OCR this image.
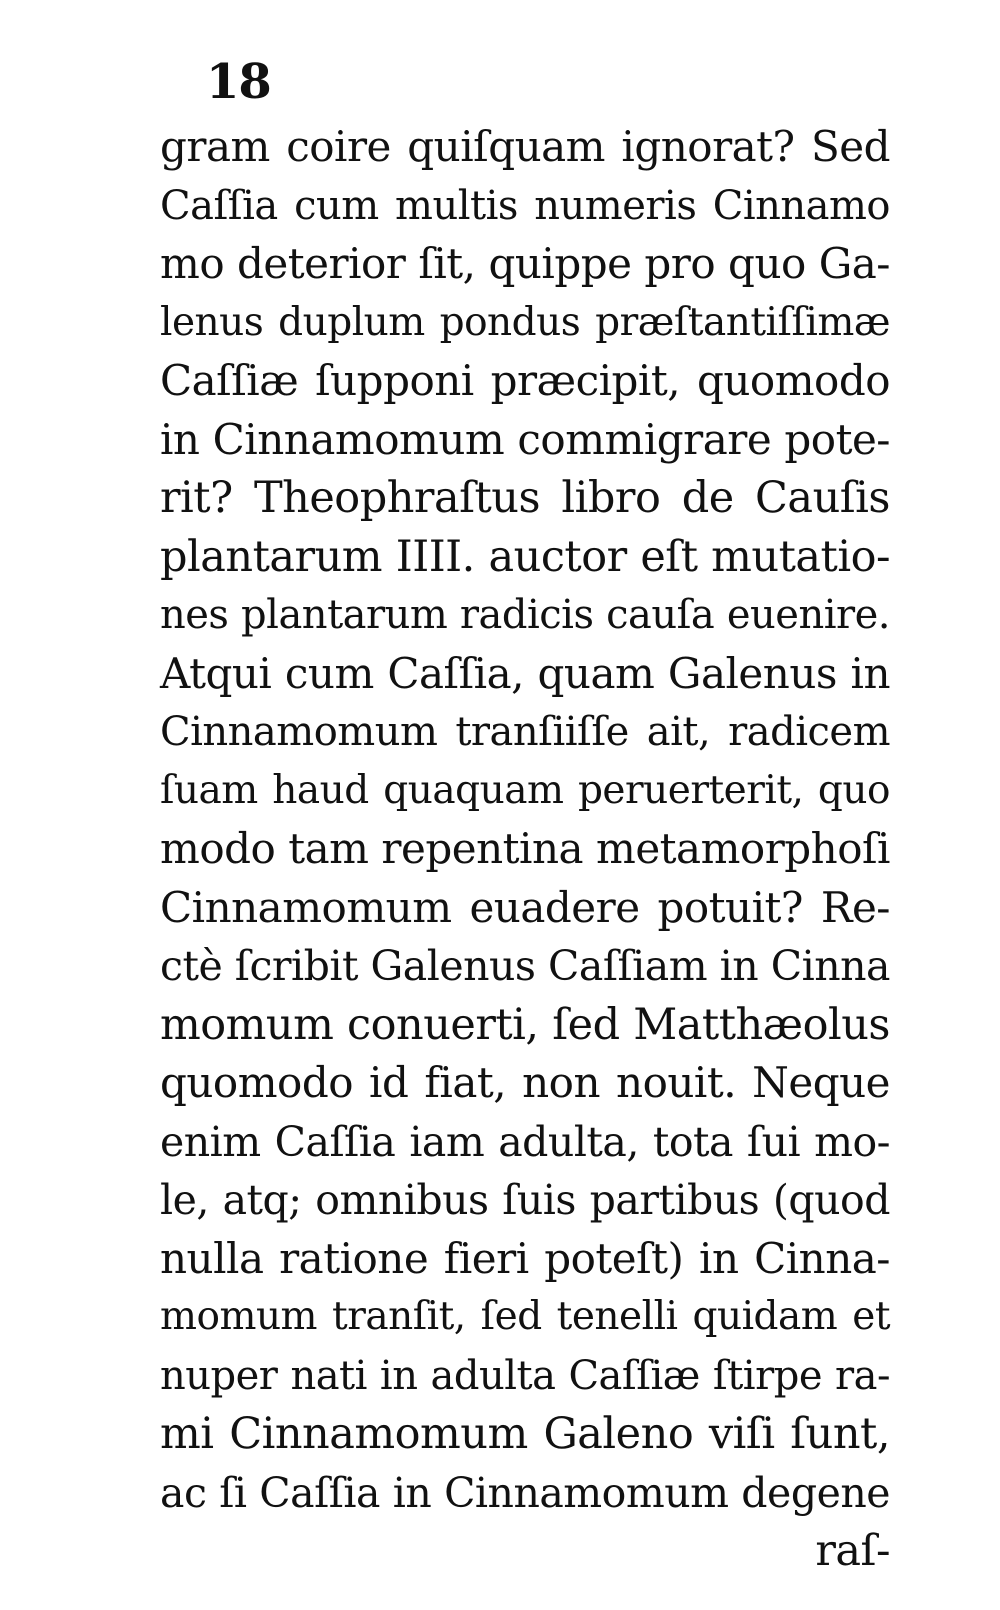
18
gram coire quiſquam ignorat? Sed
Caſſia cum multis numeris Cinnamo
mo deterior ſit, quippe pro quo Ga-
lenus duplum pondus præſtantiſſimæ
Caſſiæ ſupponi præcipit, quomodo
in Cinnamomum commigrare pote-
rit? Theophraſtus libro de Cauſis
plantarum IIII. auctor eſt mutatio-
nes plantarum radicis cauſa euenire.
Atqui cum Caſſia, quam Galenus in
Cinnamomum tranſiiſſe ait, radicem
ſuam haud quaquam peruerterit, quo
modo tam repentina metamorphoſi
Cinnamomum euadere potuit? Re-
ctè ſcribit Galenus Caſſiam in Cinna
momum conuerti, ſed Matthæolus
quomodo id fiat, non nouit. Neque
enim Caſſia iam adulta, tota ſui mo-
le, atq; omnibus ſuis partibus (quod
nulla ratione fieri poteſt) in Cinna-
momum tranſit, ſed tenelli quidam et
nuper nati in adulta Caſſiæ ſtirpe ra-
mi Cinnamomum Galeno viſi ſunt,
ac ſi Caſſia in Cinnamomum degene
raſ-
